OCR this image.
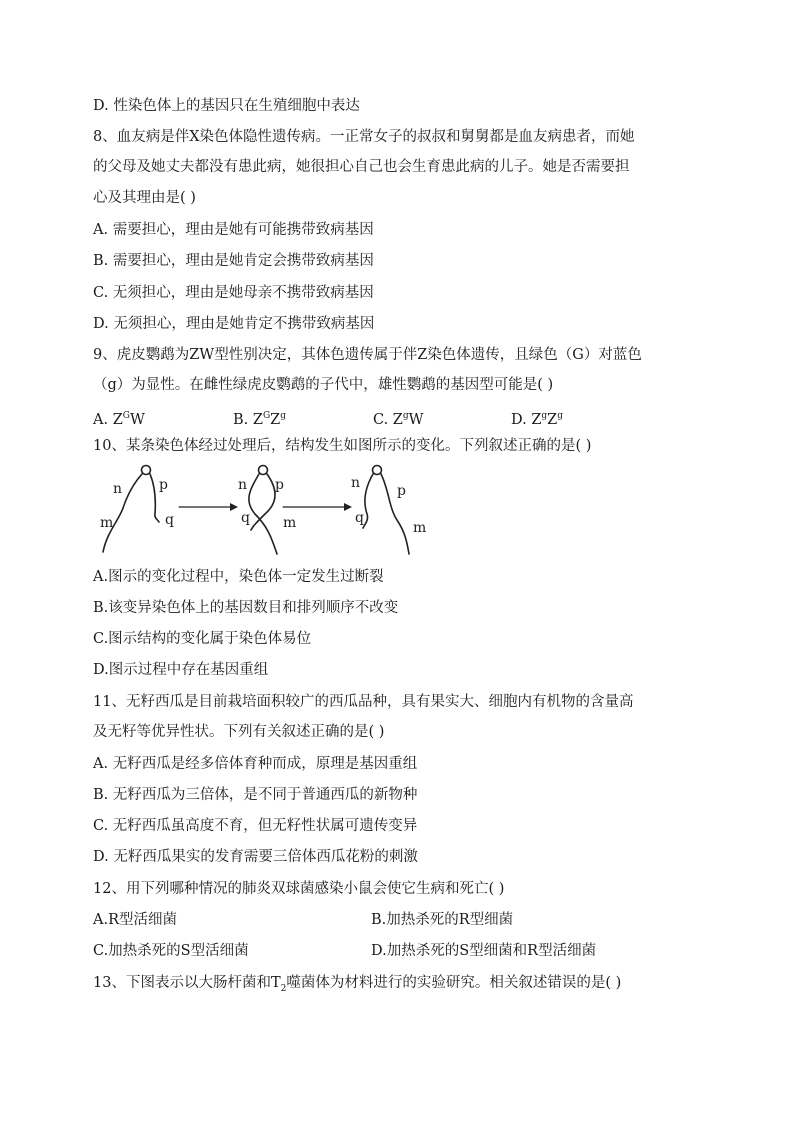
D. 性染色体上的基因只在生殖细胞中表达
8、血友病是伴X染色体隐性遗传病。一正常女子的叔叔和舅舅都是血友病患者，而她
的父母及她丈夫都没有患此病，她很担心自己也会生育患此病的儿子。她是否需要担
心及其理由是( )
A. 需要担心，理由是她有可能携带致病基因
B. 需要担心，理由是她肯定会携带致病基因
C. 无须担心，理由是她母亲不携带致病基因
D. 无须担心，理由是她肯定不携带致病基因
9、虎皮鹦鹉为ZW型性别决定，其体色遗传属于伴Z染色体遗传，且绿色（G）对蓝色
（g）为显性。在雌性绿虎皮鹦鹉的子代中，雄性鹦鹉的基因型可能是( )
A. $Z^GW$	B. $Z^GZ^g$	C. $Z^gW$	D. $Z^gZ^g$
10、某条染色体经过处理后，结构发生如图所示的变化。下列叙述正确的是( )
n	p
m	q
n p
q m
n	p
q
m
A.图示的变化过程中，染色体一定发生过断裂
B.该变异染色体上的基因数目和排列顺序不改变
C.图示结构的变化属于染色体易位
D.图示过程中存在基因重组
11、无籽西瓜是目前栽培面积较广的西瓜品种，具有果实大、细胞内有机物的含量高
及无籽等优异性状。下列有关叙述正确的是( )
A. 无籽西瓜是经多倍体育种而成，原理是基因重组
B. 无籽西瓜为三倍体，是不同于普通西瓜的新物种
C. 无籽西瓜虽高度不育，但无籽性状属可遗传变异
D. 无籽西瓜果实的发育需要三倍体西瓜花粉的刺激
12、用下列哪种情况的肺炎双球菌感染小鼠会使它生病和死亡( )
A.R型活细菌	B.加热杀死的R型细菌
C.加热杀死的S型活细菌	D.加热杀死的S型细菌和R型活细菌
13、下图表示以大肠杆菌和$T_2$噬菌体为材料进行的实验研究。相关叙述错误的是( )
